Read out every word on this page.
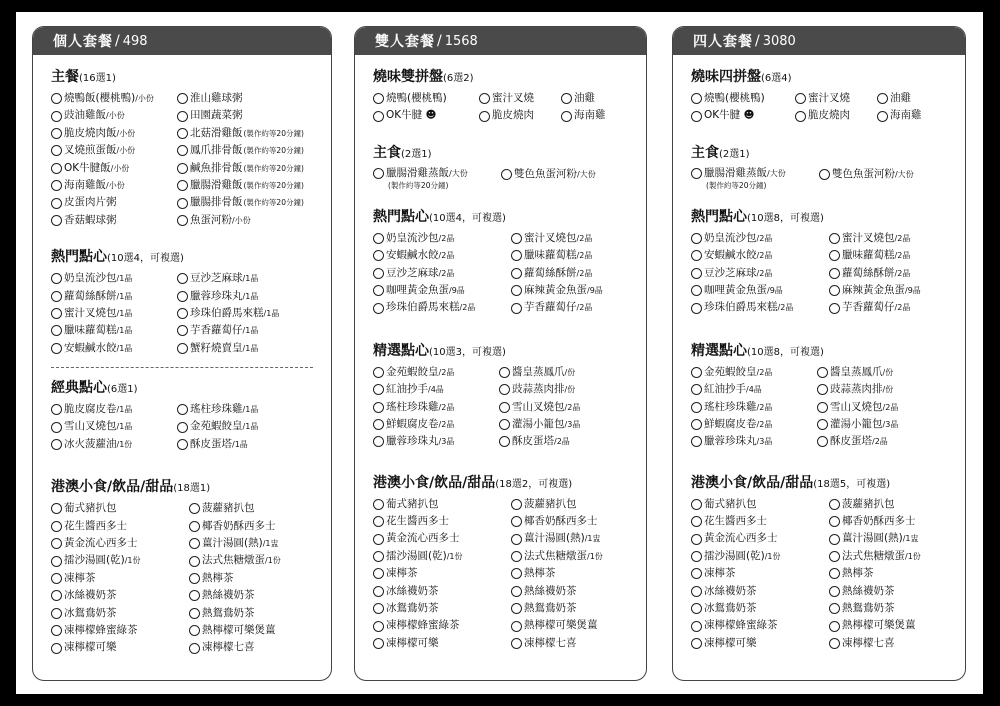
個人套餐 / 498
主餐(16選1)
燒鴨飯(櫻桃鴨)/小份	淮山雞球粥
豉油雞飯/小份	田園蔬菜粥
脆皮燒肉飯/小份	北菇滑雞飯(製作約等20分鐘)
叉燒煎蛋飯/小份	鳳爪排骨飯(製作約等20分鐘)
OK牛腱飯/小份	鹹魚排骨飯(製作約等20分鐘)
海南雞飯/小份	臘腸滑雞飯(製作約等20分鐘)
皮蛋肉片粥	臘腸排骨飯(製作約等20分鐘)
香菇蝦球粥	魚蛋河粉/小份
熱門點心(10選4，可複選)
奶皇流沙包/1晶	豆沙芝麻球/1晶
蘿蔔絲酥餅/1晶	臘蓉珍珠丸/1晶
蜜汁叉燒包/1晶	珍珠伯爵馬來糕/1晶
臘味蘿蔔糕/1晶	芋香蘿蔔仔/1晶
安蝦鹹水餃/1晶	蟹籽燒賣皇/1晶
經典點心(6選1)
脆皮腐皮卷/1晶	瑤柱珍珠雞/1晶
雪山叉燒包/1晶	金苑蝦餃皇/1晶
冰火菠蘿油/1份	酥皮蛋塔/1晶
港澳小食/飲品/甜品(18選1)
葡式豬扒包	菠蘿豬扒包
花生醬西多士	椰香奶酥西多士
黃金流心西多士	薑汁湯圓(熱)/1盅
擂沙湯圓(乾)/1份	法式焦糖燉蛋/1份
凍檸茶	熱檸茶
冰絲襪奶茶	熱絲襪奶茶
冰鴛鴦奶茶	熱鴛鴦奶茶
凍檸檬蜂蜜綠茶	熱檸檬可樂煲薑
凍檸檬可樂	凍檸檬七喜
雙人套餐 / 1568
燒味雙拼盤(6選2)
燒鴨(櫻桃鴨)	蜜汁叉燒	油雞
OK牛腱 ☻	脆皮燒肉	海南雞
主食(2選1)
臘腸滑雞蒸飯/大份
(製作約等20分鐘)
雙色魚蛋河粉/大份
熱門點心(10選4，可複選)
奶皇流沙包/2晶	蜜汁叉燒包/2晶
安蝦鹹水餃/2晶	臘味蘿蔔糕/2晶
豆沙芝麻球/2晶	蘿蔔絲酥餅/2晶
咖哩黃金魚蛋/9晶	麻辣黃金魚蛋/9晶
珍珠伯爵馬來糕/2晶	芋香蘿蔔仔/2晶
精選點心(10選3，可複選)
金苑蝦餃皇/2晶	醬皇蒸鳳爪/份
紅油抄手/4晶	豉蒜蒸肉排/份
瑤柱珍珠雞/2晶	雪山叉燒包/2晶
鮮蝦腐皮卷/2晶	灌湯小籠包/3晶
臘蓉珍珠丸/3晶	酥皮蛋塔/2晶
港澳小食/飲品/甜品(18選2，可複選)
葡式豬扒包	菠蘿豬扒包
花生醬西多士	椰香奶酥西多士
黃金流心西多士	薑汁湯圓(熱)/1盅
擂沙湯圓(乾)/1份	法式焦糖燉蛋/1份
凍檸茶	熱檸茶
冰絲襪奶茶	熱絲襪奶茶
冰鴛鴦奶茶	熱鴛鴦奶茶
凍檸檬蜂蜜綠茶	熱檸檬可樂煲薑
凍檸檬可樂	凍檸檬七喜
四人套餐 / 3080
燒味四拼盤(6選4)
燒鴨(櫻桃鴨)	蜜汁叉燒	油雞
OK牛腱 ☻	脆皮燒肉	海南雞
主食(2選1)
臘腸滑雞蒸飯/大份
(製作約等20分鐘)
雙色魚蛋河粉/大份
熱門點心(10選8，可複選)
奶皇流沙包/2晶	蜜汁叉燒包/2晶
安蝦鹹水餃/2晶	臘味蘿蔔糕/2晶
豆沙芝麻球/2晶	蘿蔔絲酥餅/2晶
咖哩黃金魚蛋/9晶	麻辣黃金魚蛋/9晶
珍珠伯爵馬來糕/2晶	芋香蘿蔔仔/2晶
精選點心(10選8，可複選)
金苑蝦餃皇/2晶	醬皇蒸鳳爪/份
紅油抄手/4晶	豉蒜蒸肉排/份
瑤柱珍珠雞/2晶	雪山叉燒包/2晶
鮮蝦腐皮卷/2晶	灌湯小籠包/3晶
臘蓉珍珠丸/3晶	酥皮蛋塔/2晶
港澳小食/飲品/甜品(18選5，可複選)
葡式豬扒包	菠蘿豬扒包
花生醬西多士	椰香奶酥西多士
黃金流心西多士	薑汁湯圓(熱)/1盅
擂沙湯圓(乾)/1份	法式焦糖燉蛋/1份
凍檸茶	熱檸茶
冰絲襪奶茶	熱絲襪奶茶
冰鴛鴦奶茶	熱鴛鴦奶茶
凍檸檬蜂蜜綠茶	熱檸檬可樂煲薑
凍檸檬可樂	凍檸檬七喜
